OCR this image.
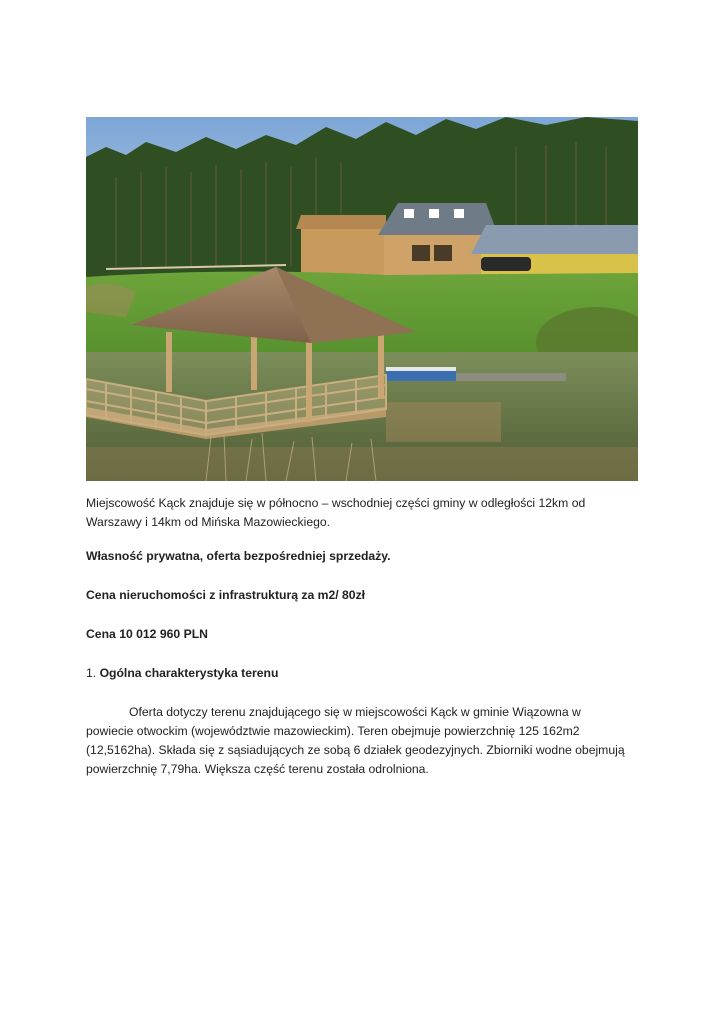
Miejscowość Kąck znajduje się w północno – wschodniej części gminy w odległości 12km od Warszawy i 14km od Mińska Mazowieckiego.

Własność prywatna, oferta bezpośredniej sprzedaży.

Cena nieruchomości z infrastrukturą za m2/ 80zł

Cena 10 012 960 PLN

1. Ogólna charakterystyka terenu

Oferta dotyczy terenu znajdującego się w miejscowości Kąck w gminie Wiązowna w powiecie otwockim (województwie mazowieckim). Teren obejmuje powierzchnię 125 162m2 (12,5162ha). Składa się z sąsiadujących ze sobą 6 działek geodezyjnych. Zbiorniki wodne obejmują powierzchnię 7,79ha. Większa część terenu została odrolniona.
